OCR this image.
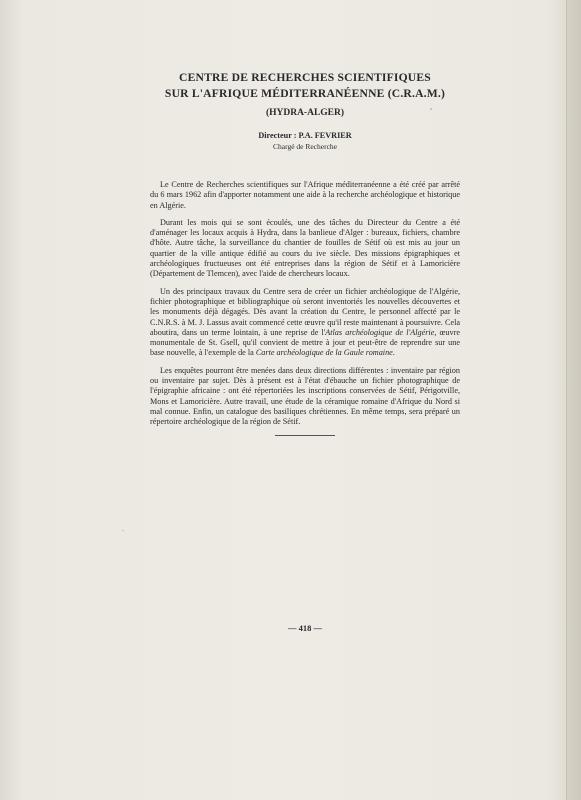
CENTRE DE RECHERCHES SCIENTIFIQUES
SUR L'AFRIQUE MÉDITERRANÉENNE (C.R.A.M.)
(HYDRA-ALGER)
Directeur : P.A. FEVRIER
Chargé de Recherche

Le Centre de Recherches scientifiques sur l'Afrique méditerranéenne a été créé par arrêté du 6 mars 1962 afin d'apporter notamment une aide à la recherche archéologique et historique en Algérie.

Durant les mois qui se sont écoulés, une des tâches du Directeur du Centre a été d'aménager les locaux acquis à Hydra, dans la banlieue d'Alger : bureaux, fichiers, chambre d'hôte. Autre tâche, la surveillance du chantier de fouilles de Sétif où est mis au jour un quartier de la ville antique édifié au cours du ive siècle. Des missions épigraphiques et archéologiques fructueuses ont été entreprises dans la région de Sétif et à Lamoricière (Département de Tlemcen), avec l'aide de chercheurs locaux.

Un des principaux travaux du Centre sera de créer un fichier archéologique de l'Algérie, fichier photographique et bibliographique où seront inventoriés les nouvelles découvertes et les monuments déjà dégagés. Dès avant la création du Centre, le personnel affecté par le C.N.R.S. à M. J. Lassus avait commencé cette œuvre qu'il reste maintenant à poursuivre. Cela aboutira, dans un terme lointain, à une reprise de l'Atlas archéologique de l'Algérie, œuvre monumentale de St. Gsell, qu'il convient de mettre à jour et peut-être de reprendre sur une base nouvelle, à l'exemple de la Carte archéologique de la Gaule romaine.

Les enquêtes pourront être menées dans deux directions différentes : inventaire par région ou inventaire par sujet. Dès à présent est à l'état d'ébauche un fichier photographique de l'épigraphie africaine : ont été répertoriées les inscriptions conservées de Sétif, Périgotville, Mons et Lamoricière. Autre travail, une étude de la céramique romaine d'Afrique du Nord si mal connue. Enfin, un catalogue des basiliques chrétiennes. En même temps, sera préparé un répertoire archéologique de la région de Sétif.

— 418 —
